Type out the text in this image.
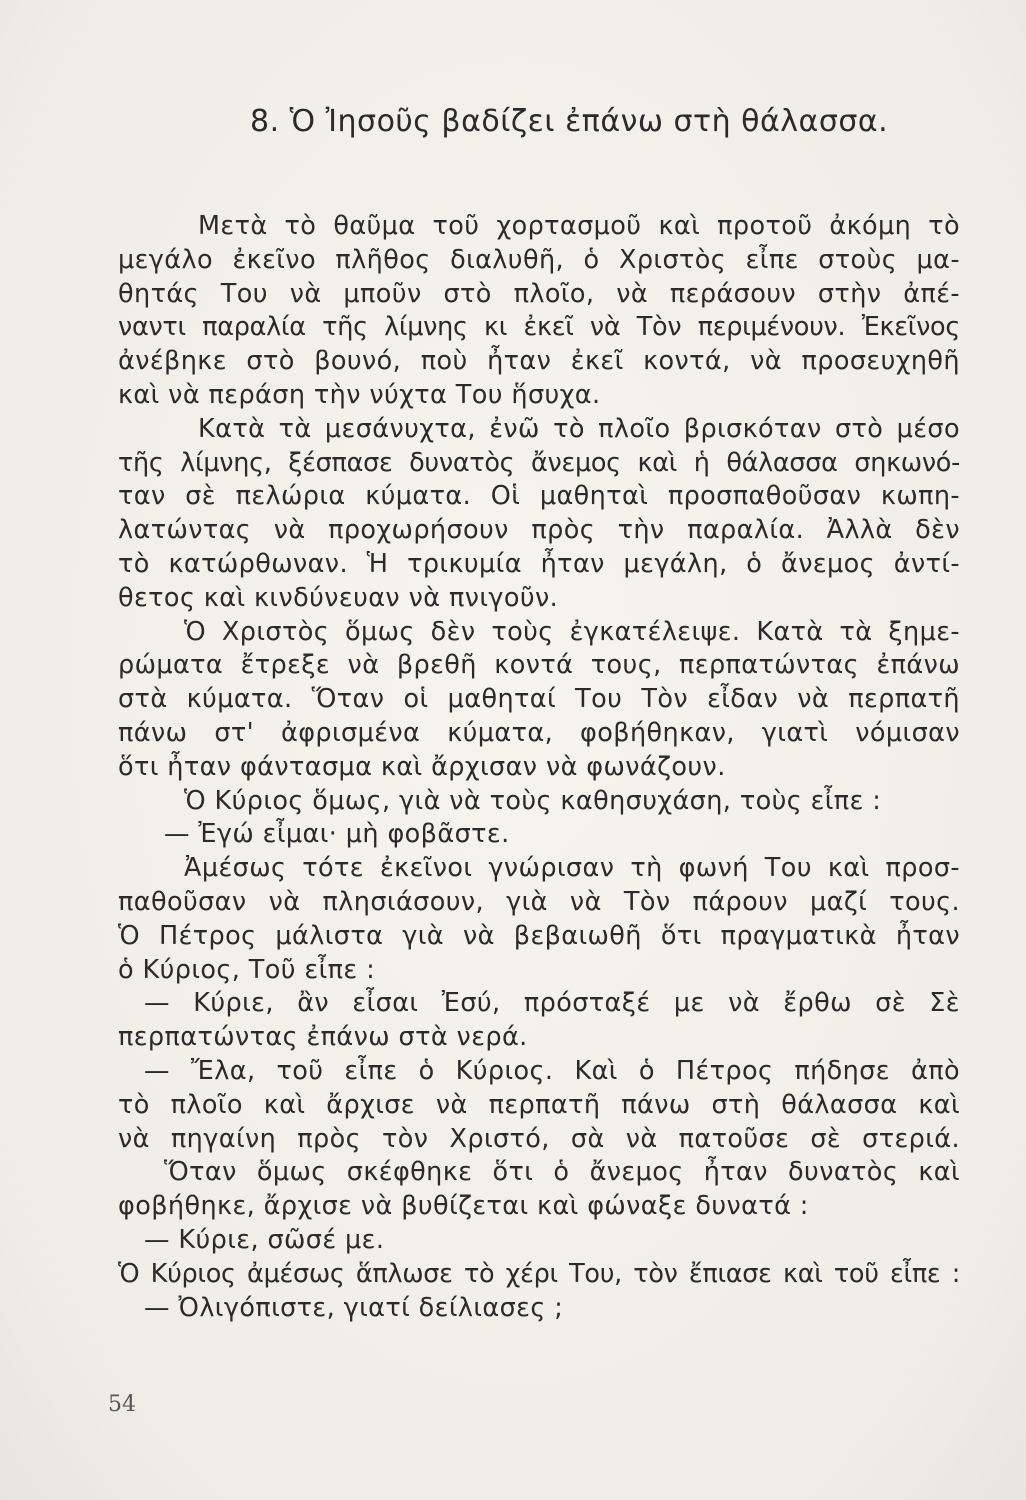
8. Ὁ Ἰησοῦς βαδίζει ἐπάνω στὴ θάλασσα.
Μετὰ τὸ θαῦμα τοῦ χορτασμοῦ καὶ προτοῦ ἀκόμη τὸ
μεγάλο ἐκεῖνο πλῆθος διαλυθῆ, ὁ Χριστὸς εἶπε στοὺς μα-
θητάς Του νὰ μποῦν στὸ πλοῖο, νὰ περάσουν στὴν ἀπέ-
ναντι παραλία τῆς λίμνης κι ἐκεῖ νὰ Τὸν περιμένουν. Ἐκεῖνος
ἀνέβηκε στὸ βουνό, ποὺ ἦταν ἐκεῖ κοντά, νὰ προσευχηθῆ
καὶ νὰ περάση τὴν νύχτα Του ἥσυχα.
Κατὰ τὰ μεσάνυχτα, ἐνῶ τὸ πλοῖο βρισκόταν στὸ μέσο
τῆς λίμνης, ξέσπασε δυνατὸς ἄνεμος καὶ ἡ θάλασσα σηκωνό-
ταν σὲ πελώρια κύματα. Οἱ μαθηταὶ προσπαθοῦσαν κωπη-
λατώντας νὰ προχωρήσουν πρὸς τὴν παραλία. Ἀλλὰ δὲν
τὸ κατώρθωναν. Ἡ τρικυμία ἦταν μεγάλη, ὁ ἄνεμος ἀντί-
θετος καὶ κινδύνευαν νὰ πνιγοῦν.
Ὁ Χριστὸς ὅμως δὲν τοὺς ἐγκατέλειψε. Κατὰ τὰ ξημε-
ρώματα ἔτρεξε νὰ βρεθῆ κοντά τους, περπατώντας ἐπάνω
στὰ κύματα. Ὅταν οἱ μαθηταί Του Τὸν εἶδαν νὰ περπατῆ
πάνω στ' ἀφρισμένα κύματα, φοβήθηκαν, γιατὶ νόμισαν
ὅτι ἦταν φάντασμα καὶ ἄρχισαν νὰ φωνάζουν.
Ὁ Κύριος ὅμως, γιὰ νὰ τοὺς καθησυχάση, τοὺς εἶπε :
— Ἐγώ εἶμαι· μὴ φοβᾶστε.
Ἀμέσως τότε ἐκεῖνοι γνώρισαν τὴ φωνή Του καὶ προσ-
παθοῦσαν νὰ πλησιάσουν, γιὰ νὰ Τὸν πάρουν μαζί τους.
Ὁ Πέτρος μάλιστα γιὰ νὰ βεβαιωθῆ ὅτι πραγματικὰ ἦταν
ὁ Κύριος, Τοῦ εἶπε :
— Κύριε, ἂν εἶσαι Ἐσύ, πρόσταξέ με νὰ ἔρθω σὲ Σὲ
περπατώντας ἐπάνω στὰ νερά.
— Ἔλα, τοῦ εἶπε ὁ Κύριος. Καὶ ὁ Πέτρος πήδησε ἀπὸ
τὸ πλοῖο καὶ ἄρχισε νὰ περπατῆ πάνω στὴ θάλασσα καὶ
νὰ πηγαίνη πρὸς τὸν Χριστό, σὰ νὰ πατοῦσε σὲ στεριά.
Ὅταν ὅμως σκέφθηκε ὅτι ὁ ἄνεμος ἦταν δυνατὸς καὶ
φοβήθηκε, ἄρχισε νὰ βυθίζεται καὶ φώναξε δυνατά :
— Κύριε, σῶσέ με.
Ὁ Κύριος ἀμέσως ἅπλωσε τὸ χέρι Του, τὸν ἔπιασε καὶ τοῦ εἶπε :
— Ὀλιγόπιστε, γιατί δείλιασες ;
54
